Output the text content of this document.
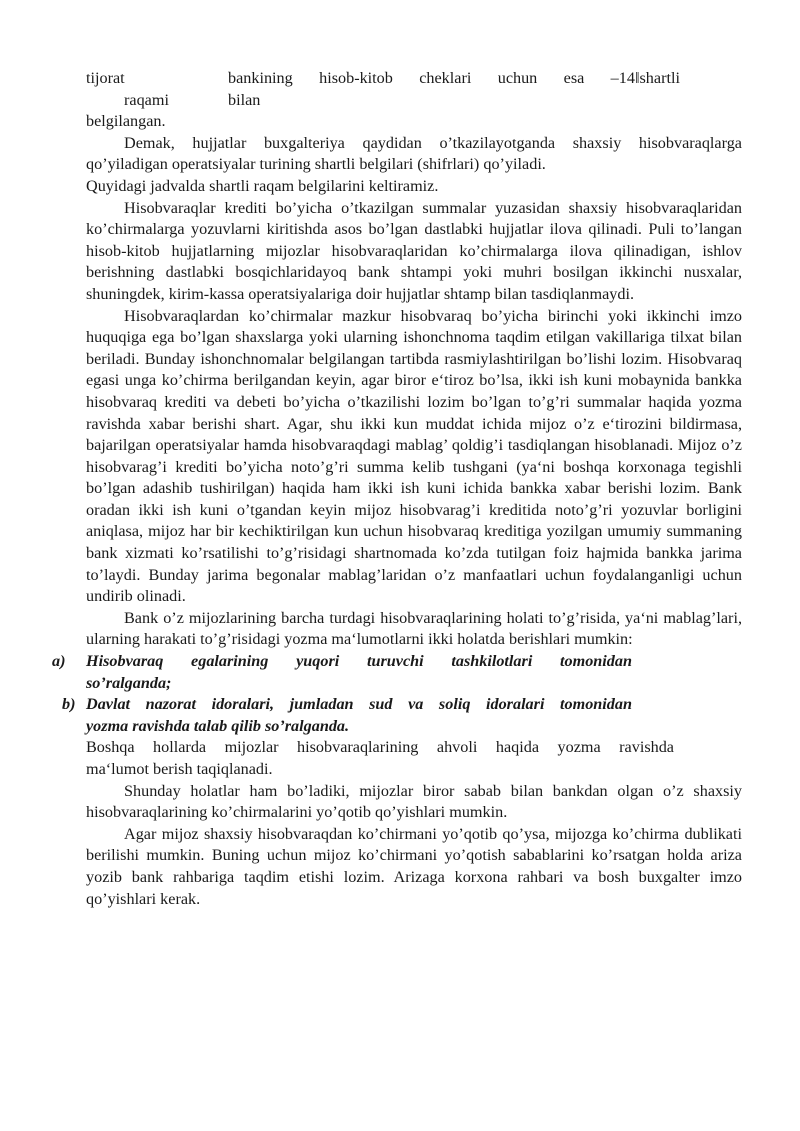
tijorat
raqami
bankining hisob-kitob cheklari uchun esa –14‖shartli
bilan

belgilangan.

Demak, hujjatlar buxgalteriya qaydidan o’tkazilayotganda shaxsiy hisobvaraqlarga qo’yiladigan operatsiyalar turining shartli belgilari (shifrlari) qo’yiladi.

Quyidagi jadvalda shartli raqam belgilarini keltiramiz.

Hisobvaraqlar krediti bo’yicha o’tkazilgan summalar yuzasidan shaxsiy hisobvaraqlaridan ko’chirmalarga yozuvlarni kiritishda asos bo’lgan dastlabki hujjatlar ilova qilinadi. Puli to’langan hisob-kitob hujjatlarning mijozlar hisobvaraqlaridan ko’chirmalarga ilova qilinadigan, ishlov berishning dastlabki bosqichlaridayoq bank shtampi yoki muhri bosilgan ikkinchi nusxalar, shuningdek, kirim-kassa operatsiyalariga doir hujjatlar shtamp bilan tasdiqlanmaydi.

Hisobvaraqlardan ko’chirmalar mazkur hisobvaraq bo’yicha birinchi yoki ikkinchi imzo huquqiga ega bo’lgan shaxslarga yoki ularning ishonchnoma taqdim etilgan vakillariga tilxat bilan beriladi. Bunday ishonchnomalar belgilangan tartibda rasmiylashtirilgan bo’lishi lozim. Hisobvaraq egasi unga ko’chirma berilgandan keyin, agar biror e‘tiroz bo’lsa, ikki ish kuni mobaynida bankka hisobvaraq krediti va debeti bo’yicha o’tkazilishi lozim bo’lgan to’g’ri summalar haqida yozma ravishda xabar berishi shart. Agar, shu ikki kun muddat ichida mijoz o’z e‘tirozini bildirmasa, bajarilgan operatsiyalar hamda hisobvaraqdagi mablag’ qoldig’i tasdiqlangan hisoblanadi. Mijoz o’z hisobvarag’i krediti bo’yicha noto’g’ri summa kelib tushgani (ya‘ni boshqa korxonaga tegishli bo’lgan adashib tushirilgan) haqida ham ikki ish kuni ichida bankka xabar berishi lozim. Bank oradan ikki ish kuni o’tgandan keyin mijoz hisobvarag’i kreditida noto’g’ri yozuvlar borligini aniqlasa, mijoz har bir kechiktirilgan kun uchun hisobvaraq kreditiga yozilgan umumiy summaning bank xizmati ko’rsatilishi to’g’risidagi shartnomada ko’zda tutilgan foiz hajmida bankka jarima to’laydi. Bunday jarima begonalar mablag’laridan o’z manfaatlari uchun foydalanganligi uchun undirib olinadi.

Bank o’z mijozlarining barcha turdagi hisobvaraqlarining holati to’g’risida, ya‘ni mablag’lari, ularning harakati to’g’risidagi yozma ma‘lumotlarni ikki holatda berishlari mumkin:

a) Hisobvaraq egalarining yuqori turuvchi tashkilotlari tomonidan
so’ralganda;
b) Davlat nazorat idoralari, jumladan sud va soliq idoralari tomonidan
yozma ravishda talab qilib so’ralganda.
Boshqa hollarda mijozlar hisobvaraqlarining ahvoli haqida yozma ravishda
ma‘lumot berish taqiqlanadi.

Shunday holatlar ham bo’ladiki, mijozlar biror sabab bilan bankdan olgan o’z shaxsiy hisobvaraqlarining ko’chirmalarini yo’qotib qo’yishlari mumkin.

Agar mijoz shaxsiy hisobvaraqdan ko’chirmani yo’qotib qo’ysa, mijozga ko’chirma dublikati berilishi mumkin. Buning uchun mijoz ko’chirmani yo’qotish sabablarini ko’rsatgan holda ariza yozib bank rahbariga taqdim etishi lozim. Arizaga korxona rahbari va bosh buxgalter imzo qo’yishlari kerak.
